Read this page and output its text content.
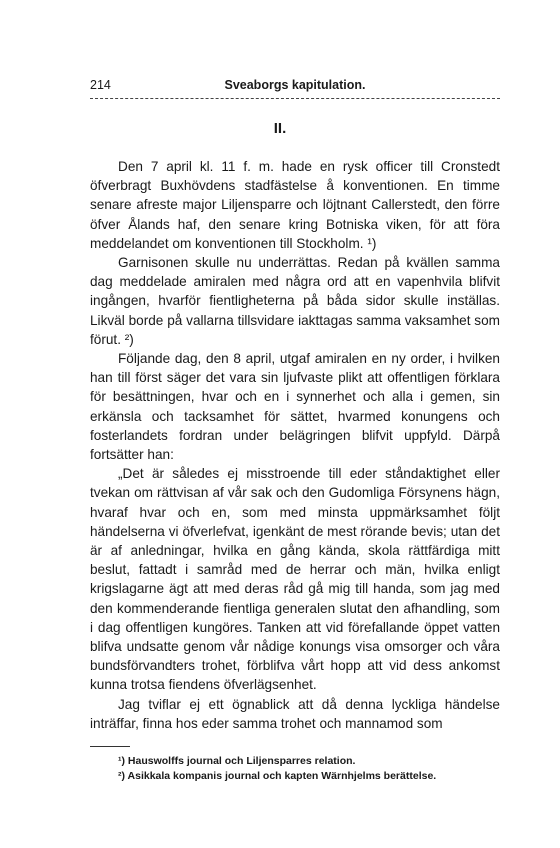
214	Sveaborgs kapitulation.
II.

Den 7 april kl. 11 f. m. hade en rysk officer till Cronstedt öfverbragt Buxhövdens stadfästelse å konventionen. En timme senare afreste major Liljensparre och löjtnant Callerstedt, den förre öfver Ålands haf, den senare kring Botniska viken, för att föra meddelandet om konventionen till Stockholm. ¹)

Garnisonen skulle nu underrättas. Redan på kvällen samma dag meddelade amiralen med några ord att en vapenhvila blifvit ingången, hvarför fientligheterna på båda sidor skulle inställas. Likväl borde på vallarna tillsvidare iakttagas samma vaksamhet som förut. ²)

Följande dag, den 8 april, utgaf amiralen en ny order, i hvilken han till först säger det vara sin ljufvaste plikt att offentligen förklara för besättningen, hvar och en i synnerhet och alla i gemen, sin erkänsla och tacksamhet för sättet, hvarmed konungens och fosterlandets fordran under belägringen blifvit uppfyld. Därpå fortsätter han:

„Det är således ej misstroende till eder ståndaktighet eller tvekan om rättvisan af vår sak och den Gudomliga Försynens hägn, hvaraf hvar och en, som med minsta uppmärksamhet följt händelserna vi öfverlefvat, igenkänt de mest rörande bevis; utan det är af anledningar, hvilka en gång kända, skola rättfärdiga mitt beslut, fattadt i samråd med de herrar och män, hvilka enligt krigslagarne ägt att med deras råd gå mig till handa, som jag med den kommenderande fientliga generalen slutat den afhandling, som i dag offentligen kungöres. Tanken att vid förefallande öppet vatten blifva undsatte genom vår nådige konungs visa omsorger och våra bundsförvandters trohet, förblifva vårt hopp att vid dess ankomst kunna trotsa fiendens öfverlägsenhet.

Jag tviflar ej ett ögnablick att då denna lyckliga händelse inträffar, finna hos eder samma trohet och mannamod som

¹) Hauswolffs journal och Liljensparres relation.
²) Asikkala kompanis journal och kapten Wärnhjelms berättelse.
